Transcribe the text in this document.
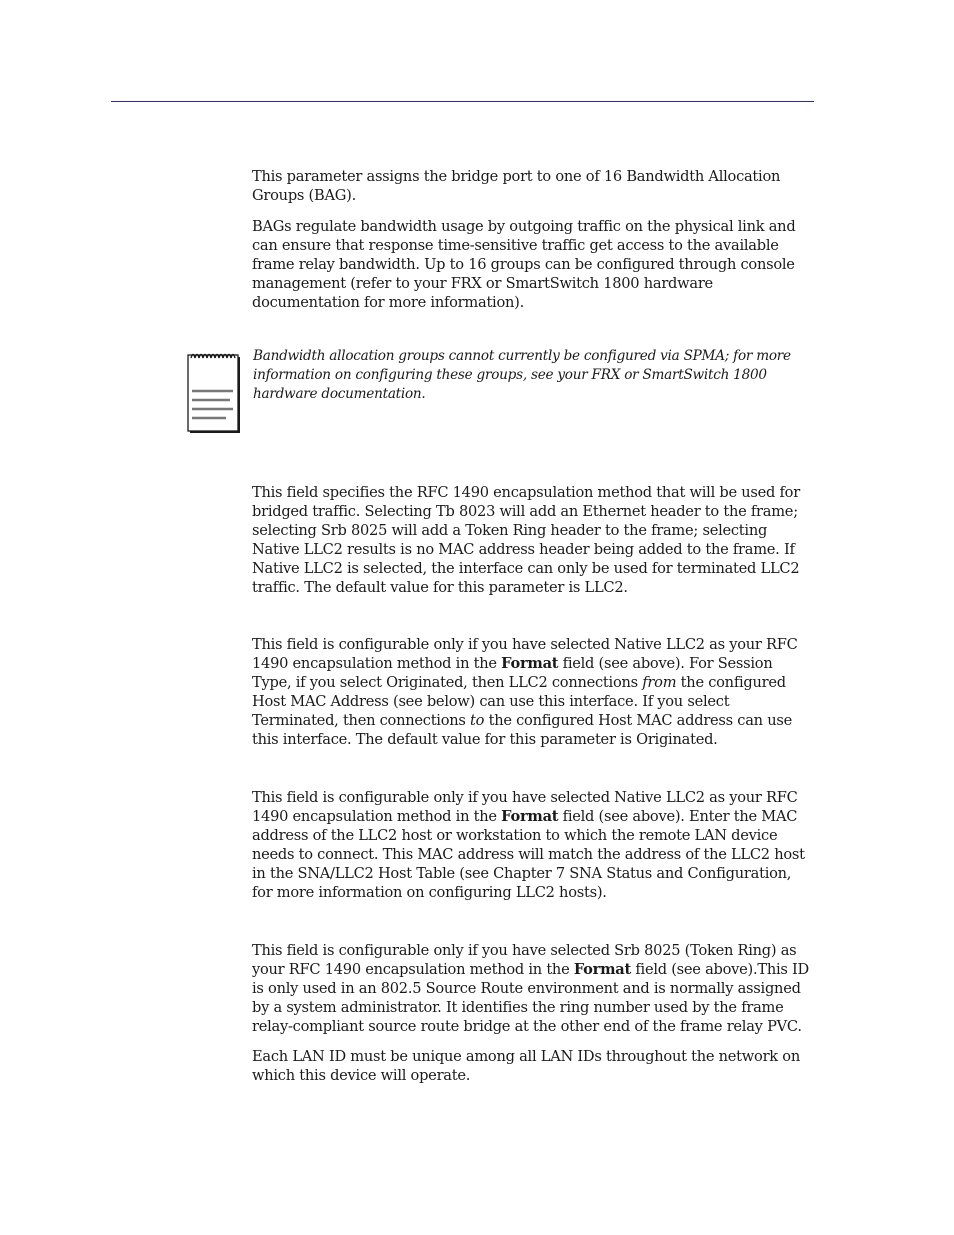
This parameter assigns the bridge port to one of 16 Bandwidth Allocation Groups (BAG).

BAGs regulate bandwidth usage by outgoing traffic on the physical link and can ensure that response time-sensitive traffic get access to the available frame relay bandwidth. Up to 16 groups can be configured through console management (refer to your FRX or SmartSwitch 1800 hardware documentation for more information).

Bandwidth allocation groups cannot currently be configured via SPMA; for more information on configuring these groups, see your FRX or SmartSwitch 1800 hardware documentation.

This field specifies the RFC 1490 encapsulation method that will be used for bridged traffic. Selecting Tb 8023 will add an Ethernet header to the frame; selecting Srb 8025 will add a Token Ring header to the frame; selecting Native LLC2 results is no MAC address header being added to the frame. If Native LLC2 is selected, the interface can only be used for terminated LLC2 traffic. The default value for this parameter is LLC2.

This field is configurable only if you have selected Native LLC2 as your RFC 1490 encapsulation method in the Format field (see above). For Session Type, if you select Originated, then LLC2 connections from the configured Host MAC Address (see below) can use this interface. If you select Terminated, then connections to the configured Host MAC address can use this interface. The default value for this parameter is Originated.

This field is configurable only if you have selected Native LLC2 as your RFC 1490 encapsulation method in the Format field (see above). Enter the MAC address of the LLC2 host or workstation to which the remote LAN device needs to connect. This MAC address will match the address of the LLC2 host in the SNA/LLC2 Host Table (see Chapter 7 SNA Status and Configuration, for more information on configuring LLC2 hosts).

This field is configurable only if you have selected Srb 8025 (Token Ring) as your RFC 1490 encapsulation method in the Format field (see above).This ID is only used in an 802.5 Source Route environment and is normally assigned by a system administrator. It identifies the ring number used by the frame relay-compliant source route bridge at the other end of the frame relay PVC.

Each LAN ID must be unique among all LAN IDs throughout the network on which this device will operate.
